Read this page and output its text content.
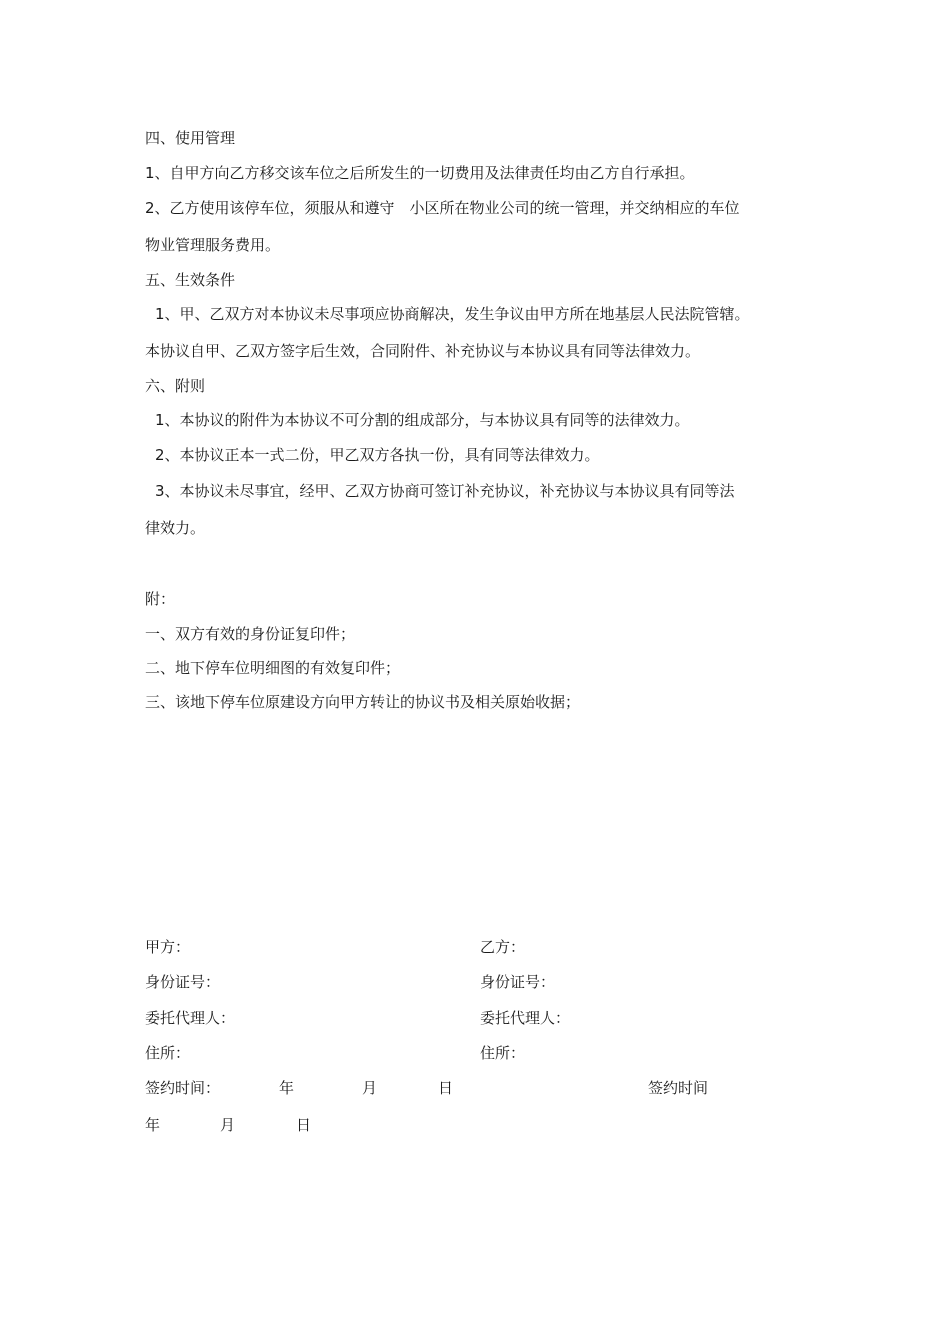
四、使用管理
1、自甲方向乙方移交该车位之后所发生的一切费用及法律责任均由乙方自行承担。
2、乙方使用该停车位，须服从和遵守　小区所在物业公司的统一管理，并交纳相应的车位
物业管理服务费用。
五、生效条件
1、甲、乙双方对本协议未尽事项应协商解决，发生争议由甲方所在地基层人民法院管辖。
本协议自甲、乙双方签字后生效，合同附件、补充协议与本协议具有同等法律效力。
六、附则
1、本协议的附件为本协议不可分割的组成部分，与本协议具有同等的法律效力。
2、本协议正本一式二份，甲乙双方各执一份，具有同等法律效力。
3、本协议未尽事宜，经甲、乙双方协商可签订补充协议，补充协议与本协议具有同等法
律效力。
附：
一、双方有效的身份证复印件；
二、地下停车位明细图的有效复印件；
三、该地下停车位原建设方向甲方转让的协议书及相关原始收据；
甲方：	乙方：
身份证号：	身份证号：
委托代理人：	委托代理人：
住所：	住所：
签约时间：	年	月	日	签约时间
年	月	日
